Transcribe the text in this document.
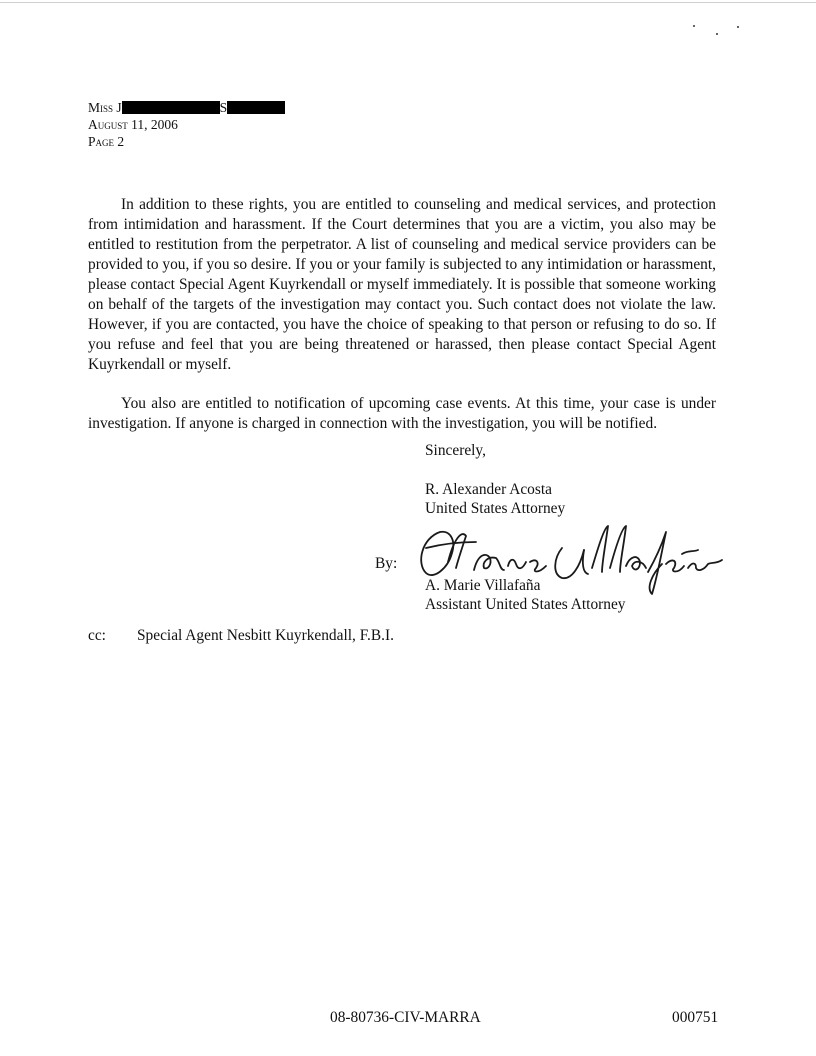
Miss J	S
August 11, 2006
Page 2

In addition to these rights, you are entitled to counseling and medical services, and protection from intimidation and harassment. If the Court determines that you are a victim, you also may be entitled to restitution from the perpetrator. A list of counseling and medical service providers can be provided to you, if you so desire. If you or your family is subjected to any intimidation or harassment, please contact Special Agent Kuyrkendall or myself immediately. It is possible that someone working on behalf of the targets of the investigation may contact you. Such contact does not violate the law. However, if you are contacted, you have the choice of speaking to that person or refusing to do so. If you refuse and feel that you are being threatened or harassed, then please contact Special Agent Kuyrkendall or myself.

You also are entitled to notification of upcoming case events. At this time, your case is under investigation. If anyone is charged in connection with the investigation, you will be notified.

Sincerely,
R. Alexander Acosta
United States Attorney
By:
A. Marie Villafaña
Assistant United States Attorney
cc: Special Agent Nesbitt Kuyrkendall, F.B.I.
08-80736-CIV-MARRA	000751
